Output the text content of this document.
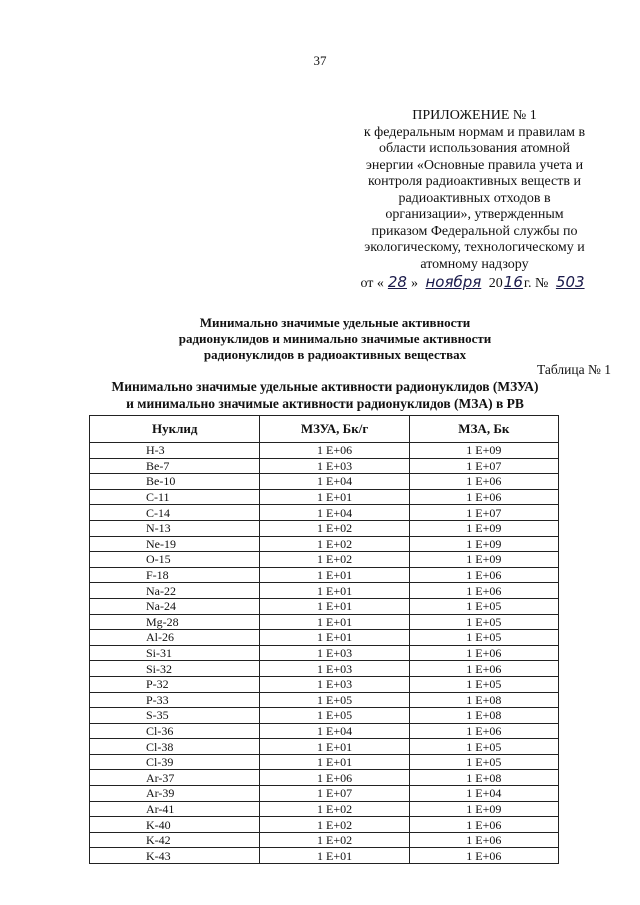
37
ПРИЛОЖЕНИЕ № 1
к федеральным нормам и правилам в
области использования атомной
энергии «Основные правила учета и
контроля радиоактивных веществ и
радиоактивных отходов в
организации», утвержденным
приказом Федеральной службы по
экологическому, технологическому и
атомному надзору
от « 28 » ноября 2016г. № 503
Минимально значимые удельные активности
радионуклидов и минимально значимые активности
радионуклидов в радиоактивных веществах
Таблица № 1
Минимально значимые удельные активности радионуклидов (МЗУА)
и минимально значимые активности радионуклидов (МЗА) в РВ
Нуклид	МЗУА, Бк/г	МЗА, Бк
H-3	1 Е+06	1 Е+09
Be-7	1 Е+03	1 Е+07
Be-10	1 Е+04	1 Е+06
C-11	1 Е+01	1 Е+06
C-14	1 Е+04	1 Е+07
N-13	1 Е+02	1 Е+09
Ne-19	1 Е+02	1 Е+09
O-15	1 Е+02	1 Е+09
F-18	1 Е+01	1 Е+06
Na-22	1 Е+01	1 Е+06
Na-24	1 Е+01	1 Е+05
Mg-28	1 Е+01	1 Е+05
Al-26	1 Е+01	1 Е+05
Si-31	1 Е+03	1 Е+06
Si-32	1 Е+03	1 Е+06
P-32	1 Е+03	1 Е+05
P-33	1 Е+05	1 Е+08
S-35	1 Е+05	1 Е+08
Cl-36	1 Е+04	1 Е+06
Cl-38	1 Е+01	1 Е+05
Cl-39	1 Е+01	1 Е+05
Ar-37	1 Е+06	1 Е+08
Ar-39	1 Е+07	1 Е+04
Ar-41	1 Е+02	1 Е+09
K-40	1 Е+02	1 Е+06
K-42	1 Е+02	1 Е+06
K-43	1 Е+01	1 Е+06
